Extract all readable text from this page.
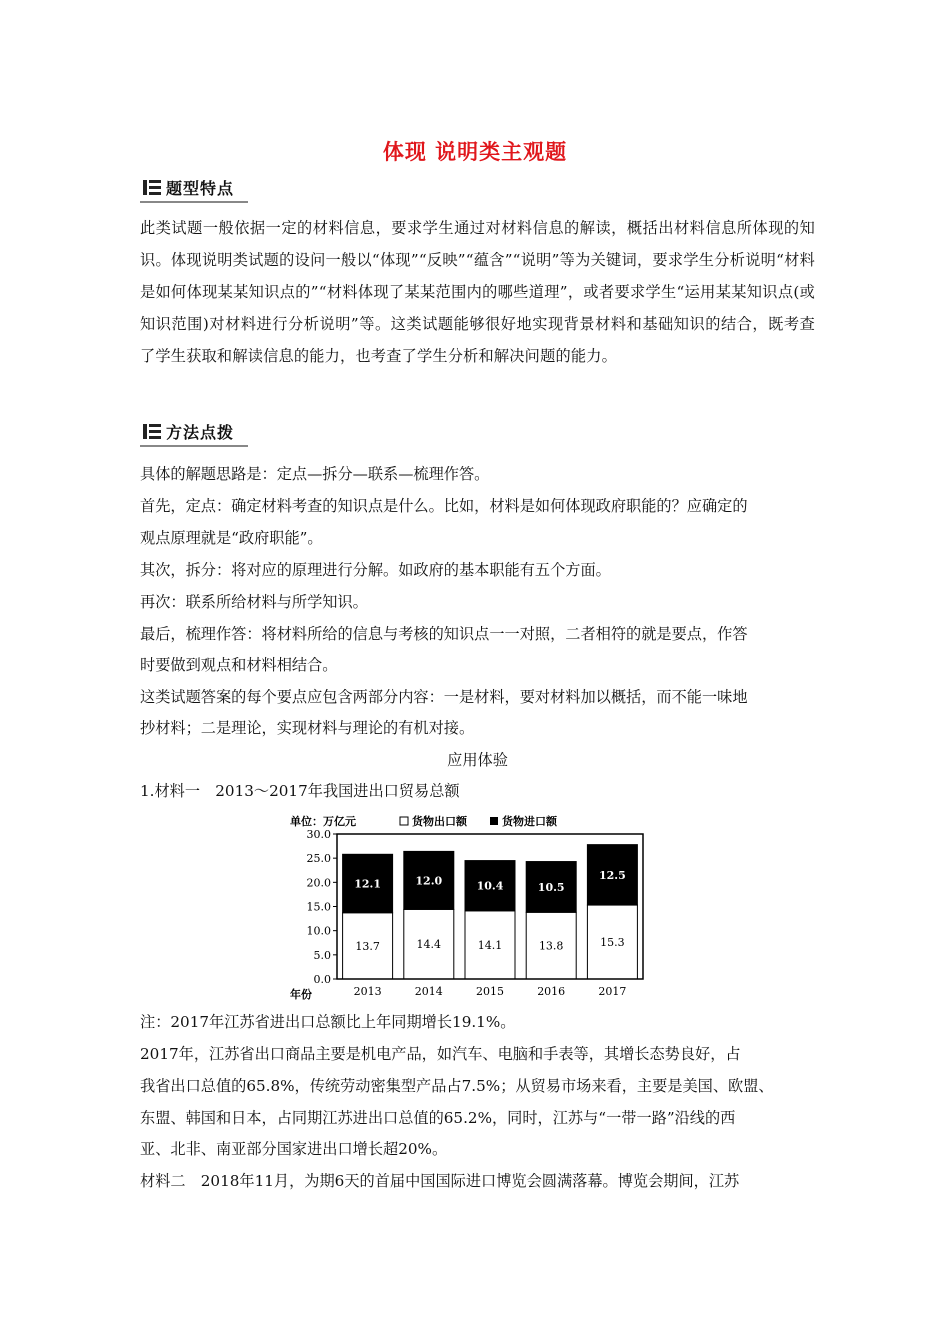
体现 说明类主观题
题型特点
此类试题一般依据一定的材料信息，要求学生通过对材料信息的解读，概括出材料信息所体现的知识。体现说明类试题的设问一般以“体现”“反映”“蕴含”“说明”等为关键词，要求学生分析说明“材料是如何体现某某知识点的”“材料体现了某某范围内的哪些道理”，或者要求学生“运用某某知识点(或知识范围)对材料进行分析说明”等。这类试题能够很好地实现背景材料和基础知识的结合，既考查了学生获取和解读信息的能力，也考查了学生分析和解决问题的能力。
方法点拨
具体的解题思路是：定点—拆分—联系—梳理作答。
首先，定点：确定材料考查的知识点是什么。比如，材料是如何体现政府职能的？应确定的
观点原理就是“政府职能”。
其次，拆分：将对应的原理进行分解。如政府的基本职能有五个方面。
再次：联系所给材料与所学知识。
最后，梳理作答：将材料所给的信息与考核的知识点一一对照，二者相符的就是要点，作答
时要做到观点和材料相结合。
这类试题答案的每个要点应包含两部分内容：一是材料，要对材料加以概括，而不能一味地
抄材料；二是理论，实现材料与理论的有机对接。
应用体验
1.材料一　2013～2017年我国进出口贸易总额
单位：万亿元	货物出口额	货物进口额
年份
0.0
5.0
10.0
15.0
20.0
25.0
30.0
13.7
12.1
14.4
12.0
14.1
10.4
13.8
10.5
15.3
12.5
2013	2014	2015	2016	2017
注：2017年江苏省进出口总额比上年同期增长19.1%。
2017年，江苏省出口商品主要是机电产品，如汽车、电脑和手表等，其增长态势良好，占
我省出口总值的65.8%，传统劳动密集型产品占7.5%；从贸易市场来看，主要是美国、欧盟、
东盟、韩国和日本，占同期江苏进出口总值的65.2%，同时，江苏与“一带一路”沿线的西
亚、北非、南亚部分国家进出口增长超20%。
材料二　2018年11月，为期6天的首届中国国际进口博览会圆满落幕。博览会期间，江苏
